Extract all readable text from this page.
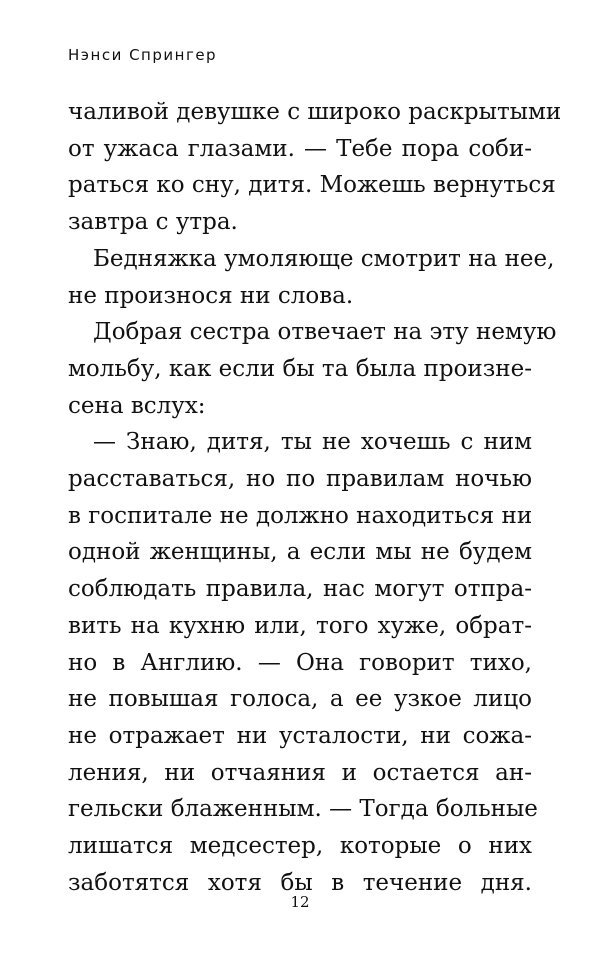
Нэнси Спрингер
чаливой девушке с широко раскрытыми
от ужаса глазами. — Тебе пора соби-
раться ко сну, дитя. Можешь вернуться
завтра с утра.
Бедняжка умоляюще смотрит на нее,
не произнося ни слова.
Добрая сестра отвечает на эту немую
мольбу, как если бы та была произне-
сена вслух:
— Знаю, дитя, ты не хочешь с ним
расставаться, но по правилам ночью
в госпитале не должно находиться ни
одной женщины, а если мы не будем
соблюдать правила, нас могут отпра-
вить на кухню или, того хуже, обрат-
но в Англию. — Она говорит тихо,
не повышая голоса, а ее узкое лицо
не отражает ни усталости, ни сожа-
ления, ни отчаяния и остается ан-
гельски блаженным. — Тогда больные
лишатся медсестер, которые о них
заботятся хотя бы в течение дня.
12
